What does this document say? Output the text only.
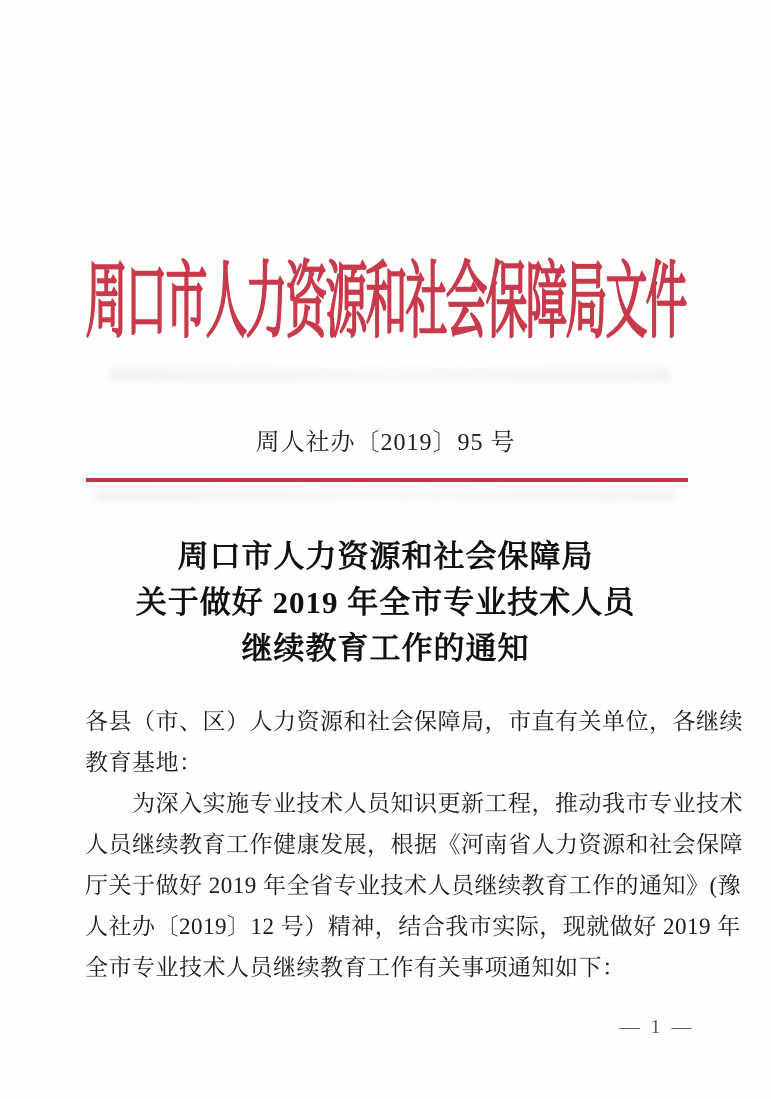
周口市人力资源和社会保障局文件
周人社办〔2019〕95 号
周口市人力资源和社会保障局
关于做好 2019 年全市专业技术人员
继续教育工作的通知
各县（市、区）人力资源和社会保障局，市直有关单位，各继续
教育基地：
　　为深入实施专业技术人员知识更新工程，推动我市专业技术
人员继续教育工作健康发展，根据《河南省人力资源和社会保障
厅关于做好 2019 年全省专业技术人员继续教育工作的通知》(豫
人社办〔2019〕12 号）精神，结合我市实际，现就做好 2019 年
全市专业技术人员继续教育工作有关事项通知如下：
— 1 —
